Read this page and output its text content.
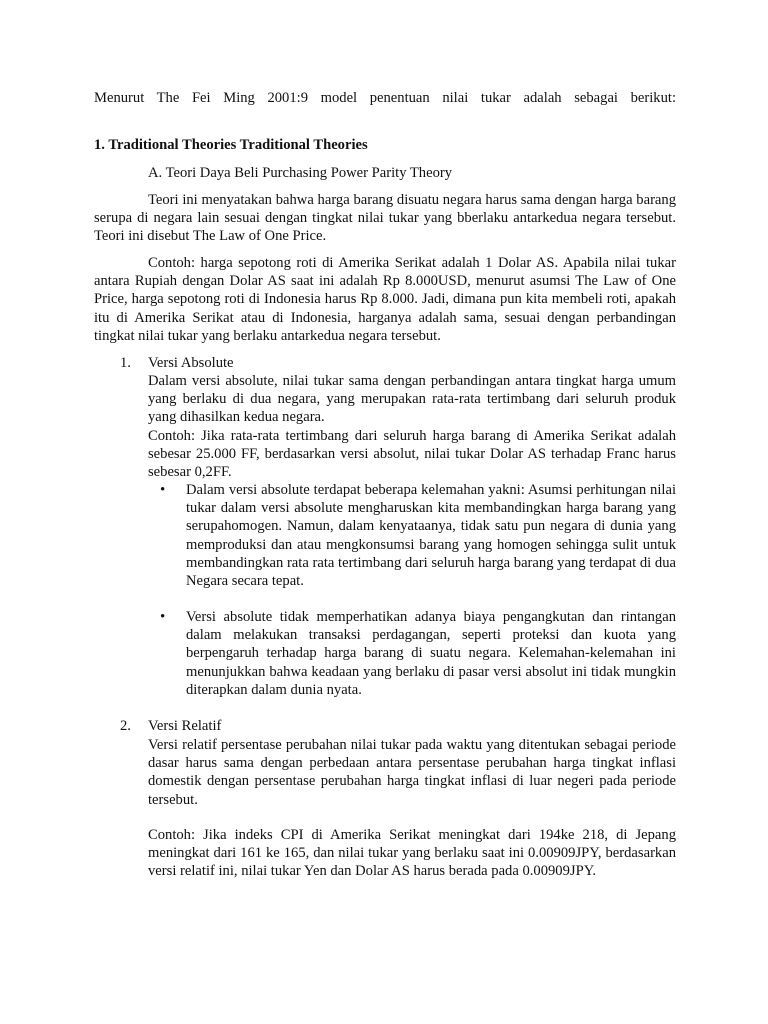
Menurut The Fei Ming 2001:9 model penentuan nilai tukar adalah sebagai berikut:

1. Traditional Theories Traditional Theories

A. Teori Daya Beli Purchasing Power Parity Theory

Teori ini menyatakan bahwa harga barang disuatu negara harus sama dengan harga barang serupa di negara lain sesuai dengan tingkat nilai tukar yang bberlaku antarkedua negara tersebut. Teori ini disebut The Law of One Price.

Contoh: harga sepotong roti di Amerika Serikat adalah 1 Dolar AS. Apabila nilai tukar antara Rupiah dengan Dolar AS saat ini adalah Rp 8.000USD, menurut asumsi The Law of One Price, harga sepotong roti di Indonesia harus Rp 8.000. Jadi, dimana pun kita membeli roti, apakah itu di Amerika Serikat atau di Indonesia, harganya adalah sama, sesuai dengan perbandingan tingkat nilai tukar yang berlaku antarkedua negara tersebut.

1. Versi Absolute

Dalam versi absolute, nilai tukar sama dengan perbandingan antara tingkat harga umum yang berlaku di dua negara, yang merupakan rata-rata tertimbang dari seluruh produk yang dihasilkan kedua negara.

Contoh: Jika rata-rata tertimbang dari seluruh harga barang di Amerika Serikat adalah sebesar 25.000 FF, berdasarkan versi absolut, nilai tukar Dolar AS terhadap Franc harus sebesar 0,2FF.

• Dalam versi absolute terdapat beberapa kelemahan yakni: Asumsi perhitungan nilai tukar dalam versi absolute mengharuskan kita membandingkan harga barang yang serupahomogen. Namun, dalam kenyataanya, tidak satu pun negara di dunia yang memproduksi dan atau mengkonsumsi barang yang homogen sehingga sulit untuk membandingkan rata rata tertimbang dari seluruh harga barang yang terdapat di dua Negara secara tepat.

• Versi absolute tidak memperhatikan adanya biaya pengangkutan dan rintangan dalam melakukan transaksi perdagangan, seperti proteksi dan kuota yang berpengaruh terhadap harga barang di suatu negara. Kelemahan-kelemahan ini menunjukkan bahwa keadaan yang berlaku di pasar versi absolut ini tidak mungkin diterapkan dalam dunia nyata.

2. Versi Relatif

Versi relatif persentase perubahan nilai tukar pada waktu yang ditentukan sebagai periode dasar harus sama dengan perbedaan antara persentase perubahan harga tingkat inflasi domestik dengan persentase perubahan harga tingkat inflasi di luar negeri pada periode tersebut.

Contoh: Jika indeks CPI di Amerika Serikat meningkat dari 194ke 218, di Jepang meningkat dari 161 ke 165, dan nilai tukar yang berlaku saat ini 0.00909JPY, berdasarkan versi relatif ini, nilai tukar Yen dan Dolar AS harus berada pada 0.00909JPY.
